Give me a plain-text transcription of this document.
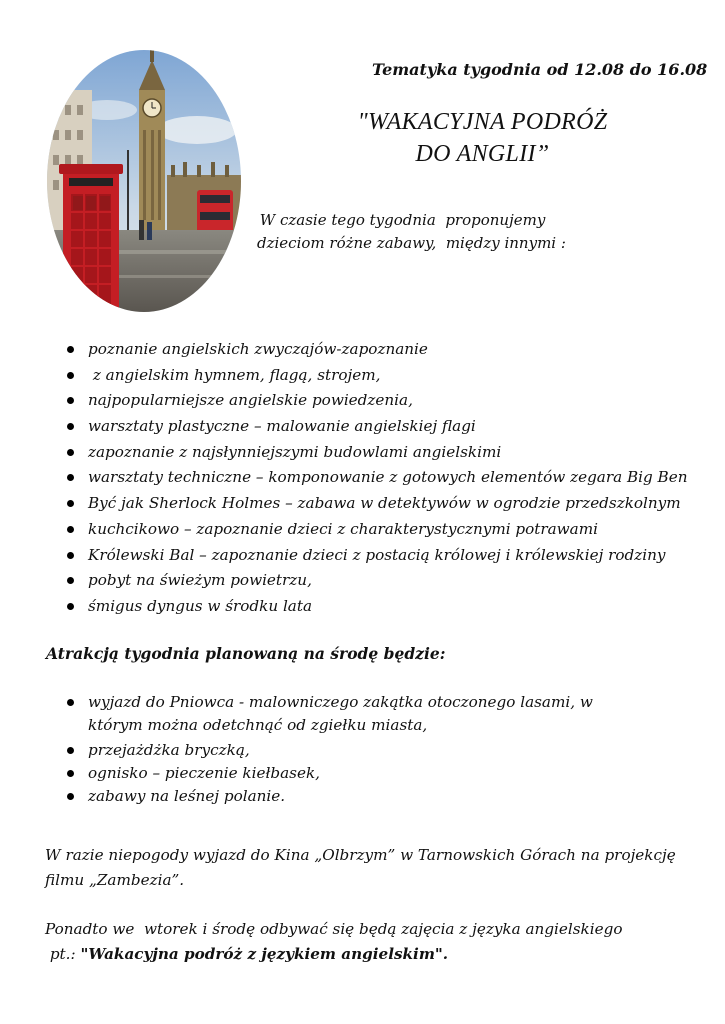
Tematyka tygodnia od 12.08 do 16.08
"WAKACYJNA PODRÓŻ
DO ANGLII”
W czasie tego tygodnia  proponujemy
dzieciom różne zabawy,  między innymi :
poznanie angielskich zwyczajów-zapoznanie
z angielskim hymnem, flagą, strojem,
najpopularniejsze angielskie powiedzenia,
warsztaty plastyczne – malowanie angielskiej flagi
zapoznanie z najsłynniejszymi budowlami angielskimi
warsztaty techniczne – komponowanie z gotowych elementów zegara Big Ben
Być jak Sherlock Holmes – zabawa w detektywów w ogrodzie przedszkolnym
kuchcikowo – zapoznanie dzieci z charakterystycznymi potrawami
Królewski Bal – zapoznanie dzieci z postacią królowej i królewskiej rodziny
pobyt na świeżym powietrzu,
śmigus dyngus w środku lata
Atrakcją tygodnia planowaną na środę będzie:
wyjazd do Pniowca - malowniczego zakątka otoczonego lasami, w którym można odetchnąć od zgiełku miasta,
przejażdżka bryczką,
ognisko – pieczenie kiełbasek,
zabawy na leśnej polanie.
W razie niepogody wyjazd do Kina „Olbrzym” w Tarnowskich Górach na projekcję filmu „Zambezia”.
Ponadto we  wtorek i środę odbywać się będą zajęcia z języka angielskiego
pt.: "Wakacyjna podróż z językiem angielskim".
